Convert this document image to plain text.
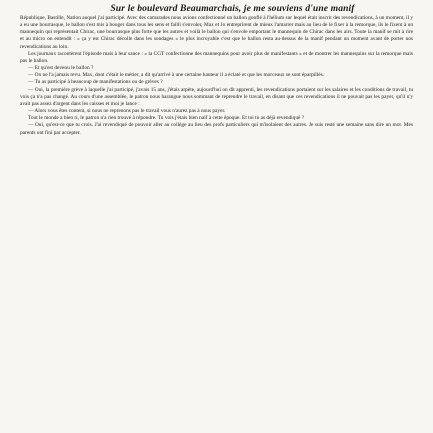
Sur le boulevard Beaumarchais, je me souviens d'une manif
République, Bastille, Nation auquel j'ai participé. Avec des camarades nous avions confectionné un ballon gonflé à l'hélium sur lequel était inscrit des revendications, à un moment, il y a eu une bourrasque, le ballon s'est mis à bouger dans tous les sens et failli s'envoler, Max et Jo entreprirent de mieux l'amarrer mais au lieu de le fixer à la remorque, ils le fixent à un mannequin qui représentait Chirac, une bourrasque plus forte que les autres et voilà le ballon qui s'envole emportant le mannequin de Chirac dans les airs. Toute la manif se mit à rire et au micro on entendit : « ça y est Chirac décolle dans les sondages » le plus incroyable c'est que le ballon resta au-dessus de la manif pendant un moment avant de porter nos revendications au loin.
Les journaux racontèrent l'épisode mais à leur sauce : « la CGT confectionne des mannequins pour avoir plus de manifestants » et de montrer les mannequins sur la remorque mais pas le ballon.
— Et qu'est devenu le ballon ?
— On ne l'a jamais revu. Max, dont c'était le métier, a dit qu'arrivé à une certaine hauteur il a éclaté et que les morceaux se sont éparpillés.
— Tu as participé à beaucoup de manifestations ou de grèves ?
— Oui, la première grève à laquelle j'ai participé, j'avais 15 ans, j'étais arpète, aujourd'hui on dit apprenti, les revendications portaient sur les salaires et les conditions de travail, tu vois ça n'a pas changé. Au cours d'une assemblée, le patron nous harangue nous sommant de reprendre le travail, en disant que ces revendications il ne pouvait pas les payer, qu'il n'y avait pas assez d'argent dans les caisses et moi je lance :
— Alors vous êtes content, si nous ne reprenons pas le travail vous n'aurez pas à nous payer.
Tout le monde a bien ri, le patron n'a rien trouvé à répondre. Tu vois j'étais bien naïf à cette époque. Et toi tu as déjà revendiqué ?
— Oui, qu'est-ce que tu crois. J'ai revendiqué de pouvoir aller au collège au lieu des profs particuliers qui m'isolaient des autres. Je suis resté une semaine sans dire un mot. Mes parents ont fini par accepter.
